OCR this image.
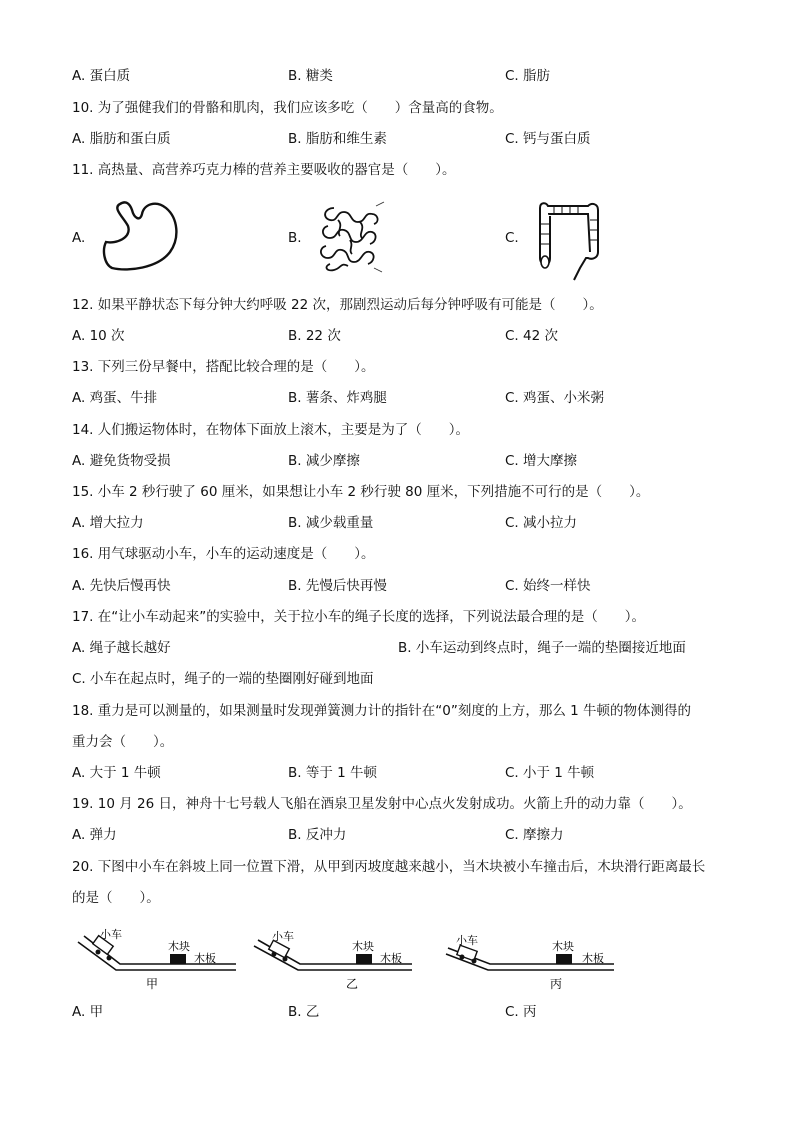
A. 蛋白质	B. 糖类	C. 脂肪
10. 为了强健我们的骨骼和肌肉，我们应该多吃（　　）含量高的食物。
A. 脂肪和蛋白质	B. 脂肪和维生素	C. 钙与蛋白质
11. 高热量、高营养巧克力棒的营养主要吸收的器官是（　　）。
A.	B.	C.
12. 如果平静状态下每分钟大约呼吸 22 次，那剧烈运动后每分钟呼吸有可能是（　　）。
A. 10 次	B. 22 次	C. 42 次
13. 下列三份早餐中，搭配比较合理的是（　　）。
A. 鸡蛋、牛排	B. 薯条、炸鸡腿	C. 鸡蛋、小米粥
14. 人们搬运物体时，在物体下面放上滚木，主要是为了（　　）。
A. 避免货物受损	B. 减少摩擦	C. 增大摩擦
15. 小车 2 秒行驶了 60 厘米，如果想让小车 2 秒行驶 80 厘米，下列措施不可行的是（　　）。
A. 增大拉力	B. 减少载重量	C. 减小拉力
16. 用气球驱动小车，小车的运动速度是（　　）。
A. 先快后慢再快	B. 先慢后快再慢	C. 始终一样快
17. 在“让小车动起来”的实验中，关于拉小车的绳子长度的选择，下列说法最合理的是（　　）。
A. 绳子越长越好	B. 小车运动到终点时，绳子一端的垫圈接近地面
C. 小车在起点时，绳子的一端的垫圈刚好碰到地面
18. 重力是可以测量的，如果测量时发现弹簧测力计的指针在“0”刻度的上方，那么 1 牛顿的物体测得的
重力会（　　）。
A. 大于 1 牛顿	B. 等于 1 牛顿	C. 小于 1 牛顿
19. 10 月 26 日，神舟十七号载人飞船在酒泉卫星发射中心点火发射成功。火箭上升的动力靠（　　）。
A. 弹力	B. 反冲力	C. 摩擦力
20. 下图中小车在斜坡上同一位置下滑，从甲到丙坡度越来越小，当木块被小车撞击后，木块滑行距离最长
的是（　　）。
小车
木块
木板
甲
小车
木块
木板
乙
小车	木块
木板
丙
A. 甲	B. 乙	C. 丙
